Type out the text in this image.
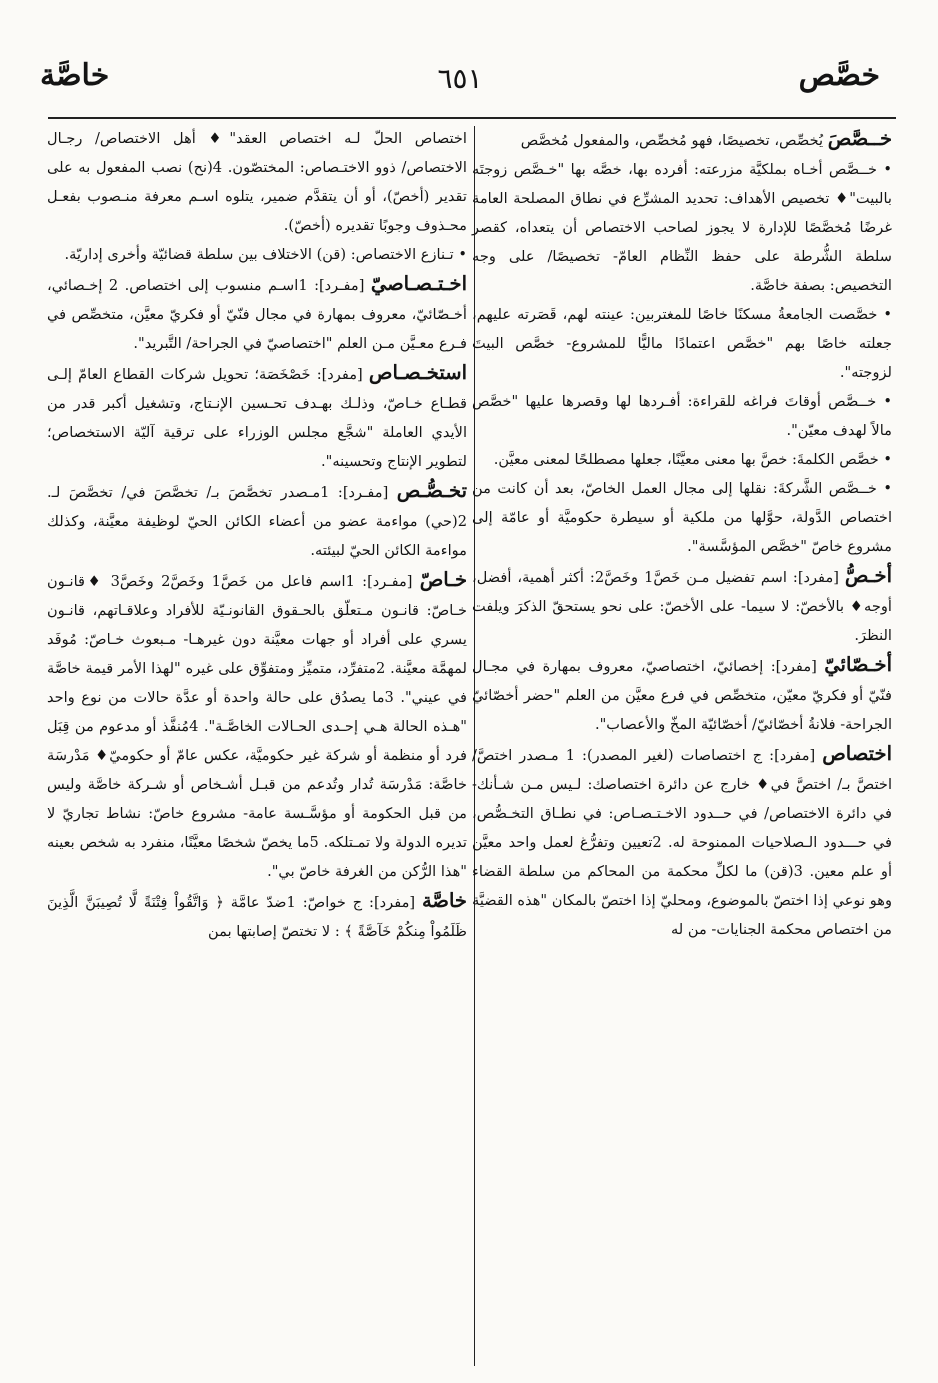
خصَّص
٦٥١
خاصَّة

خــصَّصَ يُخصِّص، تخصيصًا، فهو مُخصِّص، والمفعول مُخصَّص

• خــصَّص أخـاه بملكيَّة مزرعته: أفرده بها، خصَّه بها "خـصَّص زوجتَه بالبيت"♦ تخصيص الأهداف: تحديد المشرِّع في نطاق المصلحة العامة غرضًا مُخصَّصًا للإدارة لا يجوز لصاحب الاختصاص أن يتعداه، كقصر سلطة الشُّرطة على حفظ النِّظام العامّ- تخصيصًا/ على وجه التخصيص: بصفة خاصَّة.

• خصَّصت الجامعةُ مسكنًا خاصًا للمغتربين: عينته لهم، قَصَرته عليهم، جعلته خاصًا بهم "خصَّص اعتمادًا ماليًّا للمشروع- خصَّص البيتَ لزوجته".

• خــصَّص أوقاتَ فراغه للقراءة: أفـردها لها وقصرها عليها "خصَّص مالاً لهدف معيّن".

• خصَّص الكلمةَ: خصَّ بها معنى معيَّنًا، جعلها مصطلحًا لمعنى معيَّن.

• خــصَّص الشَّركةَ: نقلها إلى مجال العمل الخاصّ، بعد أن كانت من اختصاص الدَّولة، حوَّلها من ملكية أو سيطرة حكوميَّة أو عامّة إلى مشروع خاصّ "خصَّص المؤسَّسة".

أخـصُّ [مفرد]: اسم تفضيل مـن خَصَّ1 وخَصَّ2: أكثر أهمية، أفضل، أوجه♦ بالأخصّ: لا سيما- على الأخصّ: على نحو يستحقّ الذكرَ ويلفت النظرَ.

أخـصّائيّ [مفرد]: إخصائيّ، اختصاصيّ، معروف بمهارة في مجـال فنّيّ أو فكريّ معيّن، متخصِّص في فرع معيَّن من العلم "حضر أخصّائيّ الجراحة- فلانةُ أخصّائيّ/ أخصّائيّة المخّ والأعصاب".

اختصاص [مفرد]: ج اختصاصات (لغير المصدر): 1 مـصدر اختصَّ/ اختصَّ بـ/ اختصَّ في♦ خارج عن دائرة اختصاصك: لـيس مـن شـأنك- في دائرة الاختصاص/ في حــدود الاخـتـصـاص: في نطـاق التخـصُّص، في حـــدود الـصلاحيات الممنوحة له. 2تعيين وتفرُّغ لعمل واحد معيَّن أو علم معين. 3(قن) ما لكلِّ محكمة من المحاكم من سلطة القضاء وهو نوعي إذا اختصّ بالموضوع، ومحليّ إذا اختصّ بالمكان "هذه القضيَّة من اختصاص محكمة الجنايات- من له

اختصاص الحلّ لـه اختصاص العقد"♦ أهل الاختصاص/ رجـال الاختصاص/ ذوو الاختـصاص: المختصّون. 4(نح) نصب المفعول به على تقدير (أخصّ)، أو أن يتقدَّم ضمير، يتلوه اسـم معرفة منـصوب بفعـل محـذوف وجوبًا تقديره (أخصّ).

• تـنازع الاختصاص: (قن) الاختلاف بين سلطة قضائيّة وأخرى إداريّة.

اخـتـصـاصيّ [مفـرد]: 1اسـم منسوب إلى اختصاص. 2 إخـصائي، أخـصّائيّ، معروف بمهارة في مجال فنّيّ أو فكريّ معيَّن، متخصِّص في فـرع معـيَّن مـن العلم "اختصاصيّ في الجراحة/ التَّبريد".

استخـصـاص [مفرد]: خَصْخَصَة؛ تحويل شركات القطاع العامّ إلـى قطـاع خـاصّ، وذلـك بهـدف تحـسين الإنـتاج، وتشغيل أكبر قدر من الأيدي العاملة "شجَّع مجلس الوزراء على ترقية آليّة الاستخصاص؛ لتطوير الإنتاج وتحسينه".

تخـصُّـص [مفـرد]: 1مـصدر تخصَّصَ بـ/ تخصَّصَ في/ تخصَّصَ لـ. 2(حي) مواءمة عضو من أعضاء الكائن الحيّ لوظيفة معيَّنة، وكذلك مواءمة الكائن الحيّ لبيئته.

خـاصّ [مفـرد]: 1اسم فاعل من خَصَّ1 وخَصَّ2 وخَصَّ3 ♦قانـون خـاصّ: قانـون مـتعلّق بالحـقوق القانونـيّة للأفراد وعلاقـاتهم، قانـون يسري على أفراد أو جهات معيَّنة دون غيرهـا- مـبعوث خـاصّ: مُوفَد لمهمَّة معيَّنة. 2متفرِّد، متميِّز ومتفوِّق على غيره "لهذا الأمر قيمة خاصَّة في عيني". 3ما يصدُق على حالة واحدة أو عدَّة حالات من نوع واحد "هـذه الحالة هـي إحـدى الحـالات الخاصَّـة". 4مُنفَّذ أو مدعوم من قِبَل فرد أو منظمة أو شركة غير حكوميَّة، عكس عامّ أو حكوميّ♦ مَدْرسَة خاصَّة: مَدْرسَة تُدار وتُدعم من قبـل أشـخاص أو شـركة خاصَّة وليس من قبل الحكومة أو مؤسَّـسة عامة- مشروع خاصّ: نشاط تجاريّ لا تديره الدولة ولا تمـتلكه. 5ما يخصّ شخصًا معيَّنًا، منفرد به شخص بعينه "هذا الرُّكن من الغرفة خاصّ بي".

خاصَّة [مفرد]: ج خواصّ: 1ضدّ عامَّة ﴿ وَاتَّقُواْ فِتْنَةً لَّا تُصِيبَنَّ الَّذِينَ ظَلَمُواْ مِنكُمْ خَآصَّةً ﴾ : لا تختصّ إصابتها بمن
